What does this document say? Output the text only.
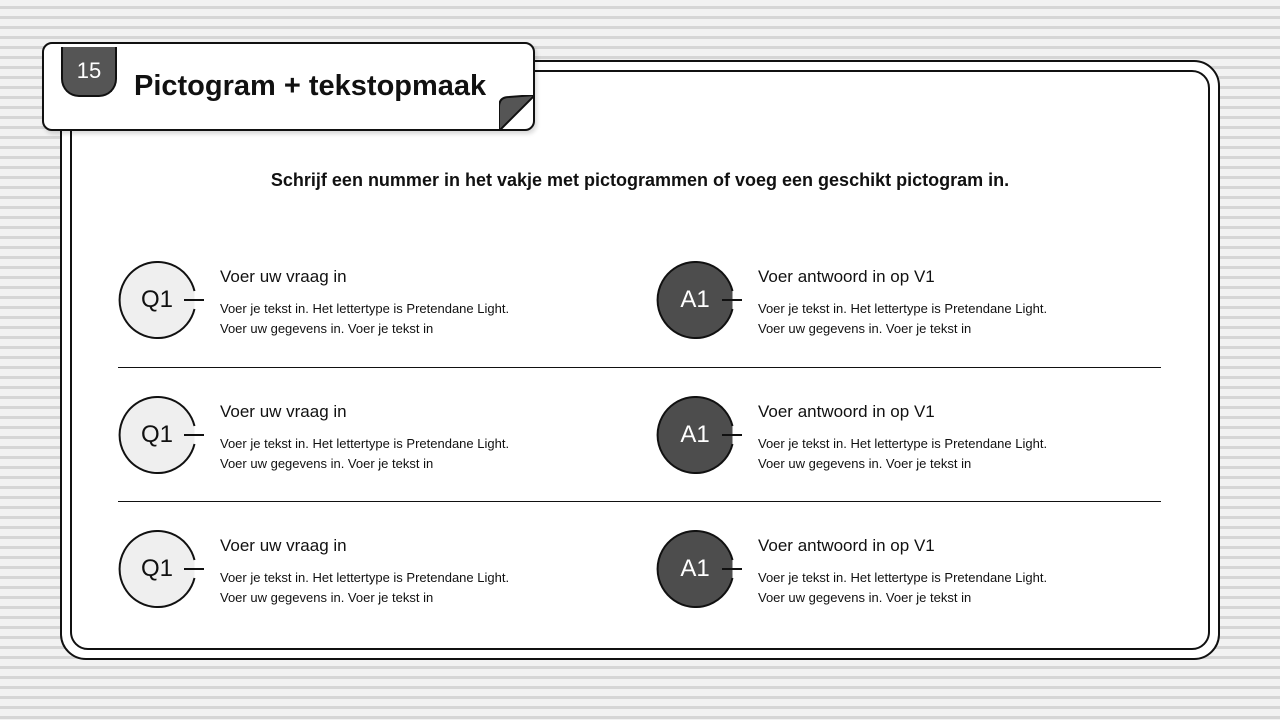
15	Pictogram + tekstopmaak
Schrijf een nummer in het vakje met pictogrammen of voeg een geschikt pictogram in.
Q1
Voer uw vraag in
Voer je tekst in. Het lettertype is Pretendane Light.
Voer uw gegevens in. Voer je tekst in
A1
Voer antwoord in op V1
Voer je tekst in. Het lettertype is Pretendane Light.
Voer uw gegevens in. Voer je tekst in
Q1
Voer uw vraag in
Voer je tekst in. Het lettertype is Pretendane Light.
Voer uw gegevens in. Voer je tekst in
A1
Voer antwoord in op V1
Voer je tekst in. Het lettertype is Pretendane Light.
Voer uw gegevens in. Voer je tekst in
Q1
Voer uw vraag in
Voer je tekst in. Het lettertype is Pretendane Light.
Voer uw gegevens in. Voer je tekst in
A1
Voer antwoord in op V1
Voer je tekst in. Het lettertype is Pretendane Light.
Voer uw gegevens in. Voer je tekst in
